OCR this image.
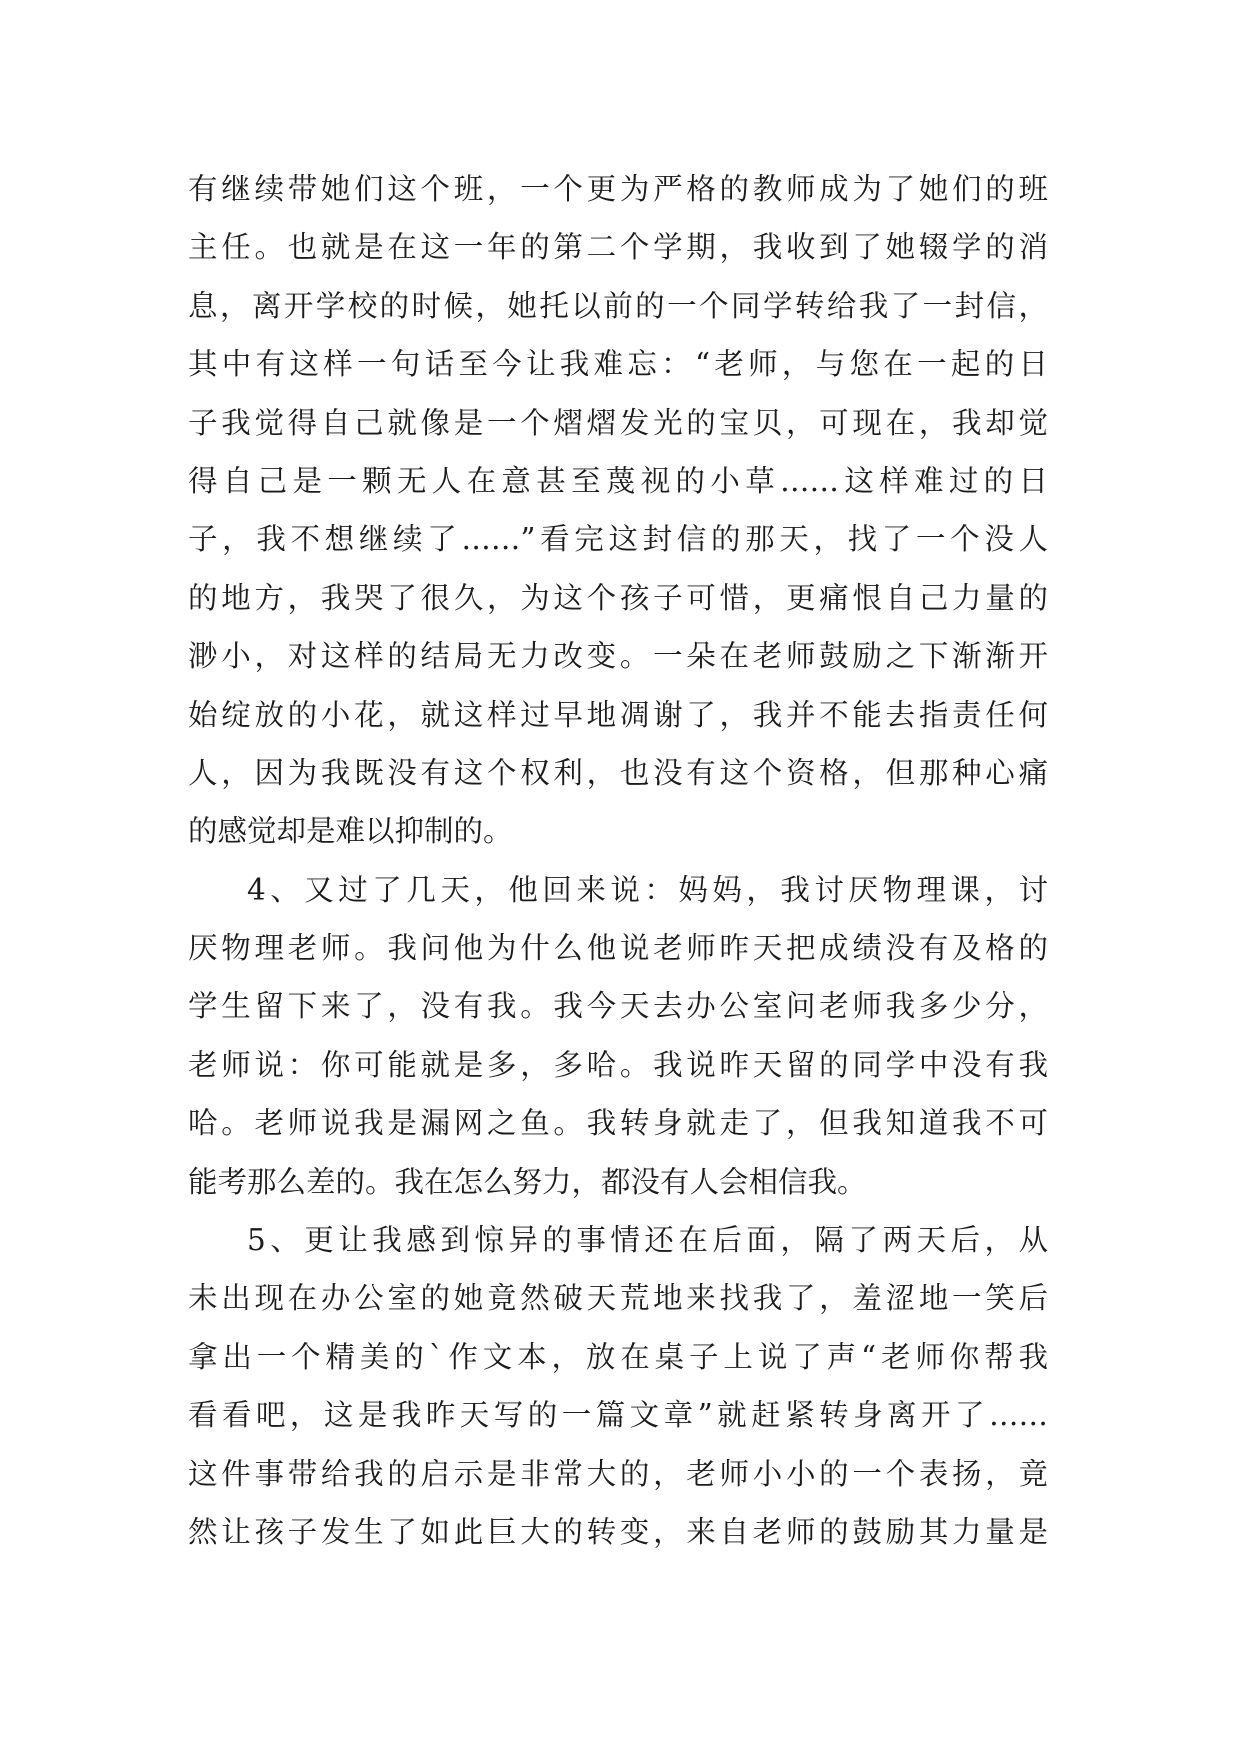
有继续带她们这个班，一个更为严格的教师成为了她们的班
主任。也就是在这一年的第二个学期，我收到了她辍学的消
息，离开学校的时候，她托以前的一个同学转给我了一封信，
其中有这样一句话至今让我难忘：“老师，与您在一起的日
子我觉得自己就像是一个熠熠发光的宝贝，可现在，我却觉
得自己是一颗无人在意甚至蔑视的小草……这样难过的日
子，我不想继续了……”看完这封信的那天，找了一个没人
的地方，我哭了很久，为这个孩子可惜，更痛恨自己力量的
渺小，对这样的结局无力改变。一朵在老师鼓励之下渐渐开
始绽放的小花，就这样过早地凋谢了，我并不能去指责任何
人，因为我既没有这个权利，也没有这个资格，但那种心痛
的感觉却是难以抑制的。
4、又过了几天，他回来说：妈妈，我讨厌物理课，讨
厌物理老师。我问他为什么他说老师昨天把成绩没有及格的
学生留下来了，没有我。我今天去办公室问老师我多少分，
老师说：你可能就是多，多哈。我说昨天留的同学中没有我
哈。老师说我是漏网之鱼。我转身就走了，但我知道我不可
能考那么差的。我在怎么努力，都没有人会相信我。
5、更让我感到惊异的事情还在后面，隔了两天后，从
未出现在办公室的她竟然破天荒地来找我了，羞涩地一笑后
拿出一个精美的`作文本，放在桌子上说了声“老师你帮我
看看吧，这是我昨天写的一篇文章”就赶紧转身离开了……
这件事带给我的启示是非常大的，老师小小的一个表扬，竟
然让孩子发生了如此巨大的转变，来自老师的鼓励其力量是
